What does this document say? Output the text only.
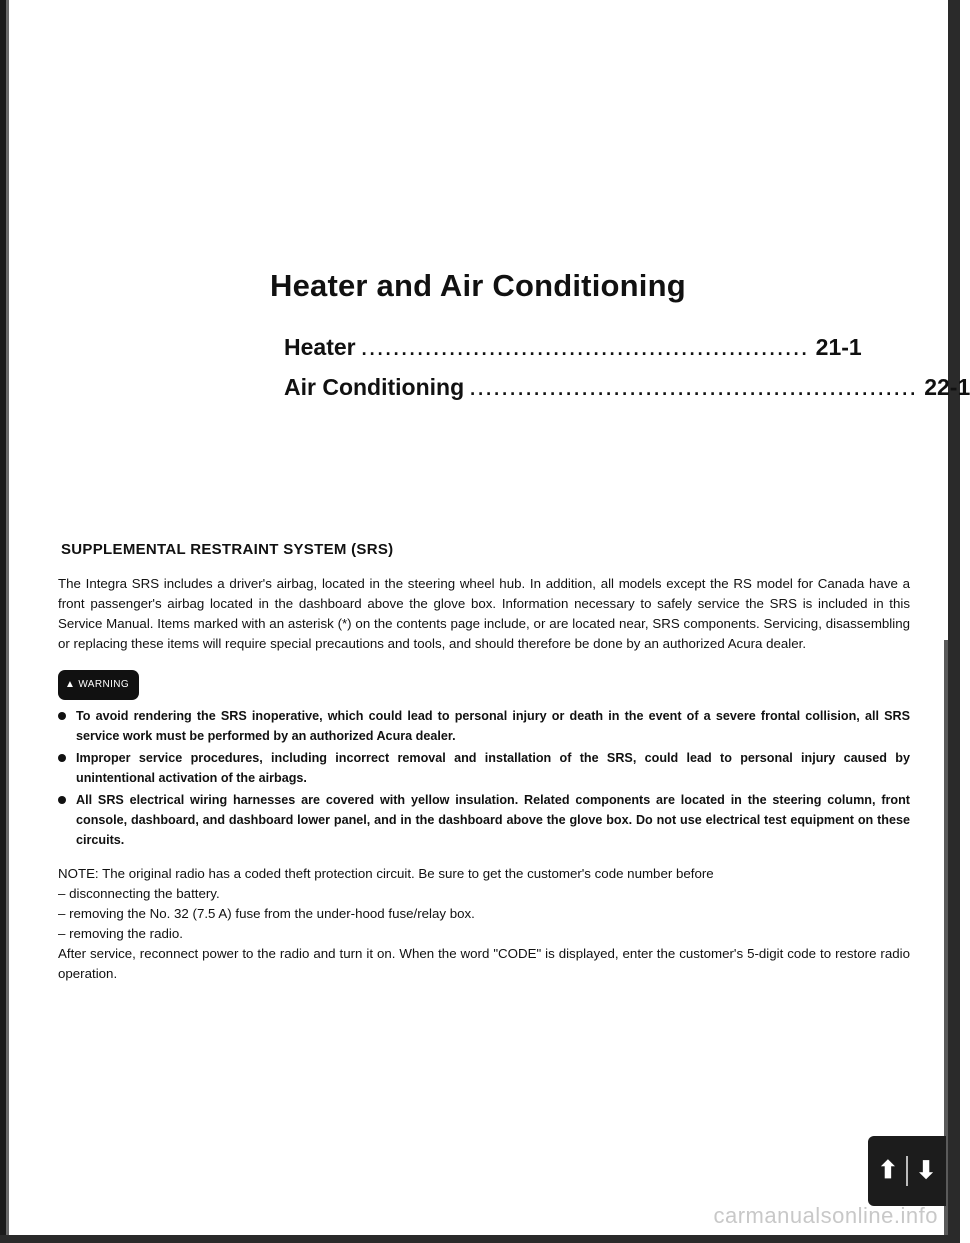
Heater and Air Conditioning
Heater ........................................................ 21-1
Air Conditioning ........................................................ 22-1
SUPPLEMENTAL RESTRAINT SYSTEM (SRS)

The Integra SRS includes a driver's airbag, located in the steering wheel hub. In addition, all models except the RS model for Canada have a front passenger's airbag located in the dashboard above the glove box. Information necessary to safely service the SRS is included in this Service Manual. Items marked with an asterisk (*) on the contents page include, or are located near, SRS components. Servicing, disassembling or replacing these items will require special precautions and tools, and should therefore be done by an authorized Acura dealer.

▲ WARNING
To avoid rendering the SRS inoperative, which could lead to personal injury or death in the event of a severe frontal collision, all SRS service work must be performed by an authorized Acura dealer.
Improper service procedures, including incorrect removal and installation of the SRS, could lead to personal injury caused by unintentional activation of the airbags.
All SRS electrical wiring harnesses are covered with yellow insulation. Related components are located in the steering column, front console, dashboard, and dashboard lower panel, and in the dashboard above the glove box. Do not use electrical test equipment on these circuits.

NOTE: The original radio has a coded theft protection circuit. Be sure to get the customer's code number before

– disconnecting the battery.
– removing the No. 32 (7.5 A) fuse from the under-hood fuse/relay box.
– removing the radio.

After service, reconnect power to the radio and turn it on. When the word "CODE" is displayed, enter the customer's 5-digit code to restore radio operation.

⬆ ⬇
carmanualsonline.info
